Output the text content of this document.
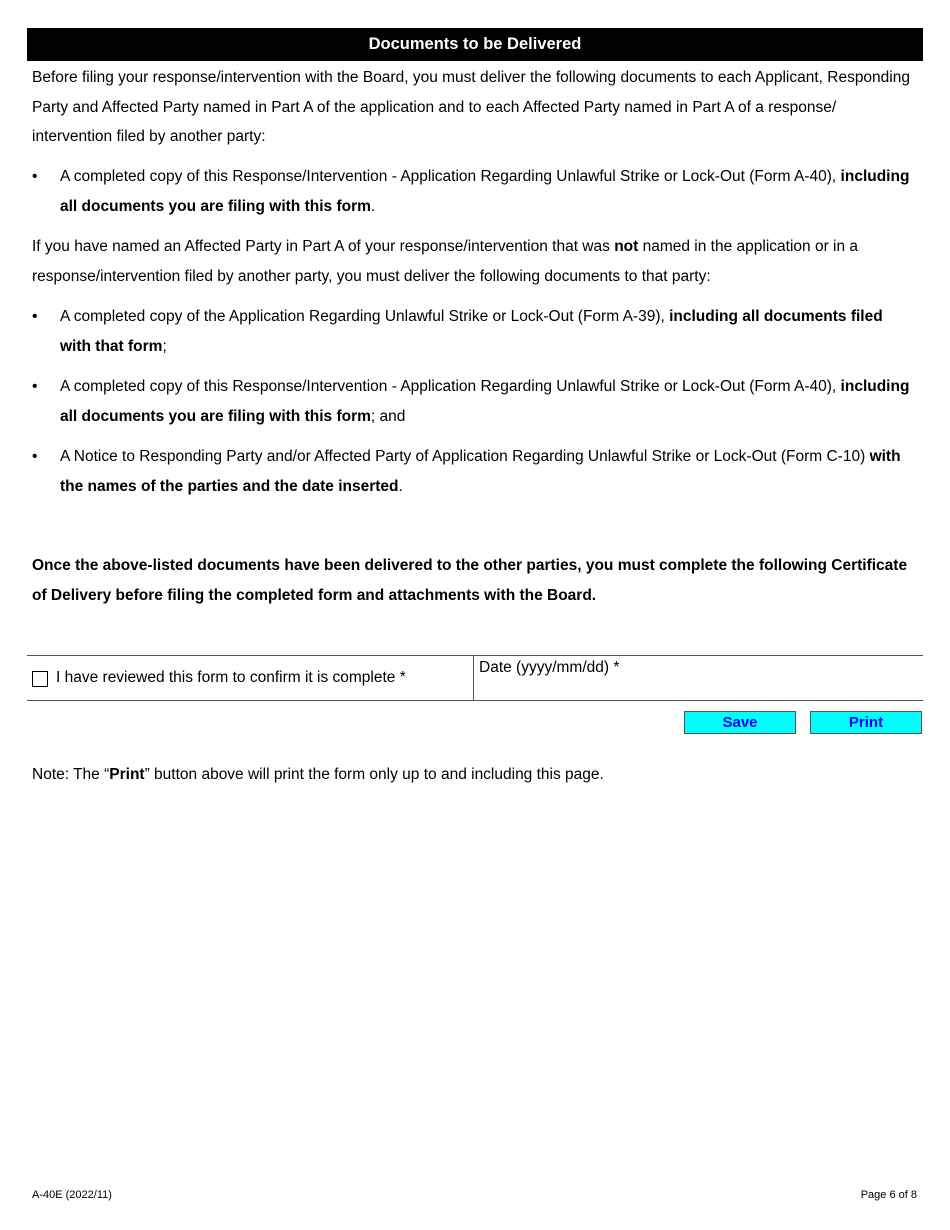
Documents to be Delivered

Before filing your response/intervention with the Board, you must deliver the following documents to each Applicant, Responding Party and Affected Party named in Part A of the application and to each Affected Party named in Part A of a response/ intervention filed by another party:

• A completed copy of this Response/Intervention - Application Regarding Unlawful Strike or Lock-Out (Form A-40), including all documents you are filing with this form.

If you have named an Affected Party in Part A of your response/intervention that was not named in the application or in a response/intervention filed by another party, you must deliver the following documents to that party:

• A completed copy of the Application Regarding Unlawful Strike or Lock-Out (Form A-39), including all documents filed with that form;
• A completed copy of this Response/Intervention - Application Regarding Unlawful Strike or Lock-Out (Form A-40), including all documents you are filing with this form; and
• A Notice to Responding Party and/or Affected Party of Application Regarding Unlawful Strike or Lock-Out (Form C-10) with the names of the parties and the date inserted.

Once the above-listed documents have been delivered to the other parties, you must complete the following Certificate of Delivery before filing the completed form and attachments with the Board.

I have reviewed this form to confirm it is complete *
Date (yyyy/mm/dd) *
Save	Print

Note: The “Print” button above will print the form only up to and including this page.

A-40E (2022/11)	Page 6 of 8
